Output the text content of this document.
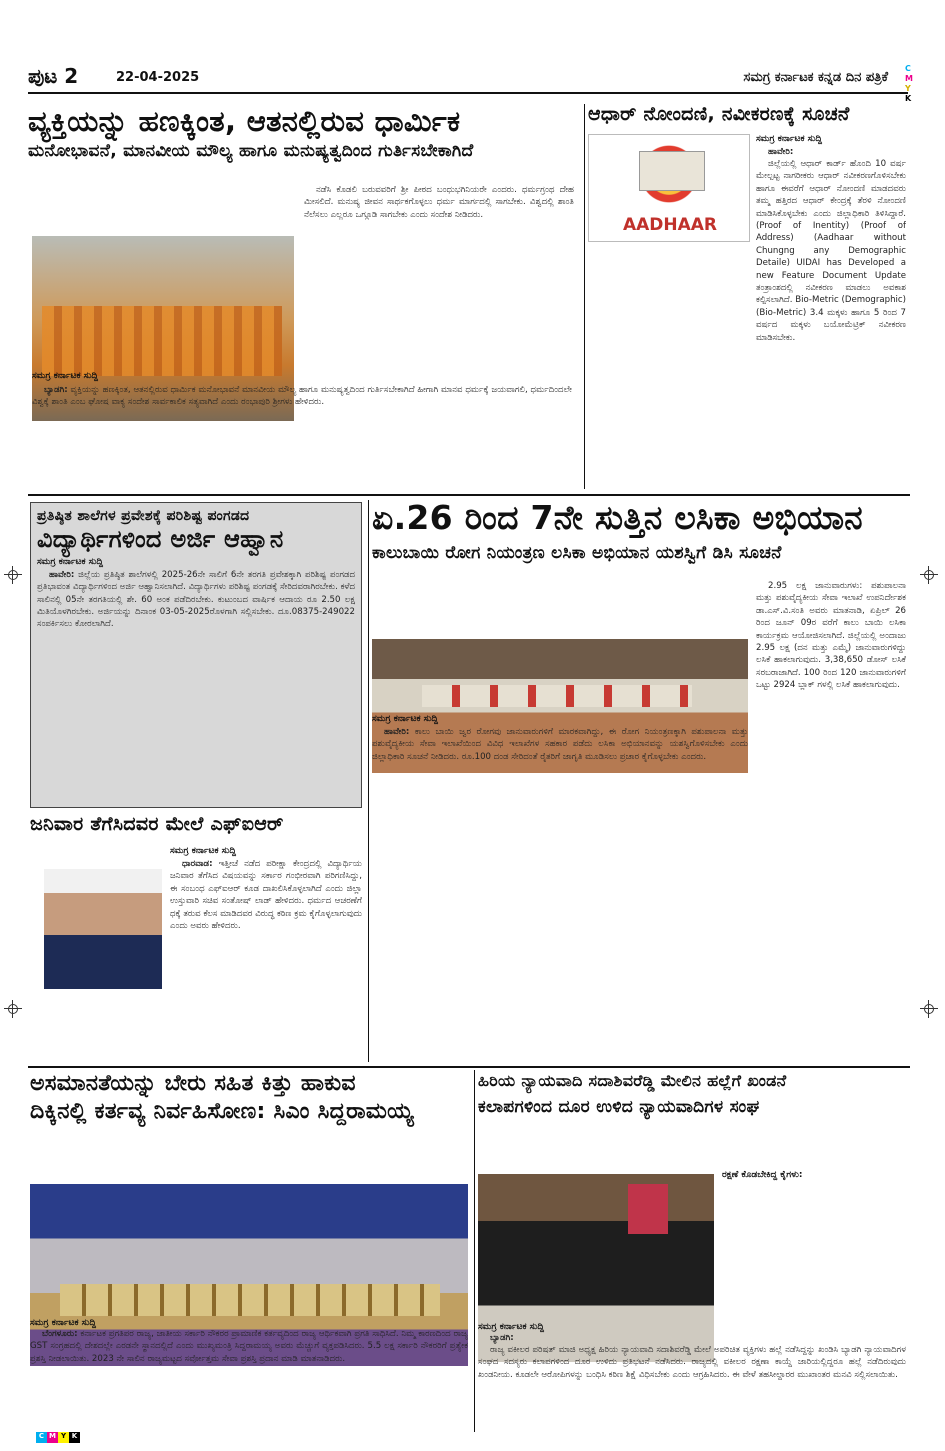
ಪುಟ 2	22-04-2025	ಸಮಗ್ರ ಕರ್ನಾಟಕ ಕನ್ನಡ ದಿನ ಪತ್ರಿಕೆ
C
M
Y
K
ವ್ಯಕ್ತಿಯನ್ನು ಹಣಕ್ಕಿಂತ, ಆತನಲ್ಲಿರುವ ಧಾರ್ಮಿಕ
ಮನೋಭಾವನೆ, ಮಾನವೀಯ ಮೌಲ್ಯ ಹಾಗೂ ಮನುಷ್ಯತ್ವದಿಂದ ಗುರ್ತಿಸಬೇಕಾಗಿದೆ
ಸಮಗ್ರ ಕರ್ನಾಟಕ ಸುದ್ದಿ

ಬ್ಯಾಡಗಿ: ವ್ಯಕ್ತಿಯನ್ನು ಹಣಕ್ಕಿಂತ, ಆತನಲ್ಲಿರುವ ಧಾರ್ಮಿಕ ಮನೋಭಾವನೆ ಮಾನವೀಯ ಮೌಲ್ಯ ಹಾಗೂ ಮನುಷ್ಯತ್ವದಿಂದ ಗುರ್ತಿಸಬೇಕಾಗಿದೆ ಹೀಗಾಗಿ ಮಾನವ ಧರ್ಮಕ್ಕೆ ಜಯವಾಗಲಿ, ಧರ್ಮದಿಂದಲೇ ವಿಶ್ವಕ್ಕೆ ಶಾಂತಿ ಎಂಬ ಘೋಷ ವಾಕ್ಯ ಸಂದೇಶ ಸಾರ್ವಕಾಲಿಕ ಸತ್ಯವಾಗಿದೆ ಎಂದು ರಂಭಾಪುರಿ ಶ್ರೀಗಳು ಹೇಳಿದರು.

ನಡೆಸಿ ಕೊಡಲಿ ಬರುವವರಿಗೆ ಶ್ರೀ ಪೀಠದ ಬಂಧುಭಗಿನಿಯರೇ ಎಂದರು. ಧರ್ಮಗ್ರಂಥ ದೇಹ ಮೀಸಲಿದೆ. ಮನುಷ್ಯ ಜೀವನ ಸಾರ್ಥಕಗೊಳ್ಳಲು ಧರ್ಮ ಮಾರ್ಗದಲ್ಲಿ ಸಾಗಬೇಕು. ವಿಶ್ವದಲ್ಲಿ ಶಾಂತಿ ನೆಲೆಸಲು ಎಲ್ಲರೂ ಒಗ್ಗೂಡಿ ಸಾಗಬೇಕು ಎಂದು ಸಂದೇಶ ನೀಡಿದರು.

ಆಧಾರ್ ನೋಂದಣಿ, ನವೀಕರಣಕ್ಕೆ ಸೂಚನೆ
AADHAAR
ಸಮಗ್ರ ಕರ್ನಾಟಕ ಸುದ್ದಿ

ಹಾವೇರಿ:

ಜಿಲ್ಲೆಯಲ್ಲಿ ಆಧಾರ್ ಕಾರ್ಡ್ ಹೊಂದಿ 10 ವರ್ಷ ಮೇಲ್ಪಟ್ಟ ನಾಗರೀಕರು ಆಧಾರ್ ನವೀಕರಣಗೊಳಿಸಬೇಕು ಹಾಗೂ ಈವರೆಗೆ ಆಧಾರ್ ನೋಂದಣಿ ಮಾಡದವರು ತಮ್ಮ ಹತ್ತಿರದ ಆಧಾರ್ ಕೇಂದ್ರಕ್ಕೆ ತೆರಳಿ ನೋಂದಣಿ ಮಾಡಿಸಿಕೊಳ್ಳಬೇಕು ಎಂದು ಜಿಲ್ಲಾಧಿಕಾರಿ ತಿಳಿಸಿದ್ದಾರೆ. (Proof of Inentity) (Proof of Address) (Aadhaar without Chungng any Demographic Detaile) UIDAI has Developed a new Feature Document Update ತಂತ್ರಾಂಶದಲ್ಲಿ ನವೀಕರಣ ಮಾಡಲು ಅವಕಾಶ ಕಲ್ಪಿಸಲಾಗಿದೆ. Bio-Metric (Demographic) (Bio-Metric) 3.4 ಮಕ್ಕಳು ಹಾಗೂ 5 ರಿಂದ 7 ವರ್ಷದ ಮಕ್ಕಳು ಬಯೋಮೆಟ್ರಿಕ್ ನವೀಕರಣ ಮಾಡಿಸಬೇಕು.

ಪ್ರತಿಷ್ಠಿತ ಶಾಲೆಗಳ ಪ್ರವೇಶಕ್ಕೆ ಪರಿಶಿಷ್ಟ ಪಂಗಡದ
ವಿದ್ಯಾರ್ಥಿಗಳಿಂದ ಅರ್ಜಿ ಆಹ್ವಾನ
ಸಮಗ್ರ ಕರ್ನಾಟಕ ಸುದ್ದಿ

ಹಾವೇರಿ: ಜಿಲ್ಲೆಯ ಪ್ರತಿಷ್ಠಿತ ಶಾಲೆಗಳಲ್ಲಿ 2025-26ನೇ ಸಾಲಿಗೆ 6ನೇ ತರಗತಿ ಪ್ರವೇಶಕ್ಕಾಗಿ ಪರಿಶಿಷ್ಟ ಪಂಗಡದ ಪ್ರತಿಭಾವಂತ ವಿದ್ಯಾರ್ಥಿಗಳಿಂದ ಅರ್ಜಿ ಆಹ್ವಾನಿಸಲಾಗಿದೆ. ವಿದ್ಯಾರ್ಥಿಗಳು ಪರಿಶಿಷ್ಟ ಪಂಗಡಕ್ಕೆ ಸೇರಿದವರಾಗಿರಬೇಕು. ಕಳೆದ ಸಾಲಿನಲ್ಲಿ 05ನೇ ತರಗತಿಯಲ್ಲಿ ಶೇ. 60 ಅಂಕ ಪಡೆದಿರಬೇಕು. ಕುಟುಂಬದ ವಾರ್ಷಿಕ ಆದಾಯ ರೂ 2.50 ಲಕ್ಷ ಮಿತಿಯೊಳಗಿರಬೇಕು. ಅರ್ಜಿಯನ್ನು ದಿನಾಂಕ 03-05-2025ರೊಳಗಾಗಿ ಸಲ್ಲಿಸಬೇಕು. ದೂ.08375-249022 ಸಂಪರ್ಕಿಸಲು ಕೋರಲಾಗಿದೆ.

ಜನಿವಾರ ತೆಗೆಸಿದವರ ಮೇಲೆ ಎಫ್‌ಐಆರ್
ಸಮಗ್ರ ಕರ್ನಾಟಕ ಸುದ್ದಿ

ಧಾರವಾಡ: ಇತ್ತೀಚೆ ನಡೆದ ಪರೀಕ್ಷಾ ಕೇಂದ್ರದಲ್ಲಿ ವಿದ್ಯಾರ್ಥಿಯ ಜನಿವಾರ ತೆಗೆಸಿದ ವಿಷಯವನ್ನು ಸರ್ಕಾರ ಗಂಭೀರವಾಗಿ ಪರಿಗಣಿಸಿದ್ದು, ಈ ಸಂಬಂಧ ಎಫ್‌ಐಆರ್ ಕೂಡ ದಾಖಲಿಸಿಕೊಳ್ಳಲಾಗಿದೆ ಎಂದು ಜಿಲ್ಲಾ ಉಸ್ತುವಾರಿ ಸಚಿವ ಸಂತೋಷ್ ಲಾಡ್ ಹೇಳಿದರು. ಧರ್ಮದ ಆಚರಣೆಗೆ ಧಕ್ಕೆ ತರುವ ಕೆಲಸ ಮಾಡಿದವರ ವಿರುದ್ಧ ಕಠಿಣ ಕ್ರಮ ಕೈಗೊಳ್ಳಲಾಗುವುದು ಎಂದು ಅವರು ಹೇಳಿದರು.

ಏ.26 ರಿಂದ 7ನೇ ಸುತ್ತಿನ ಲಸಿಕಾ ಅಭಿಯಾನ
ಕಾಲುಬಾಯಿ ರೋಗ ನಿಯಂತ್ರಣ ಲಸಿಕಾ ಅಭಿಯಾನ ಯಶಸ್ವಿಗೆ ಡಿಸಿ ಸೂಚನೆ
ಸಮಗ್ರ ಕರ್ನಾಟಕ ಸುದ್ದಿ

ಹಾವೇರಿ: ಕಾಲು ಬಾಯಿ ಜ್ವರ ರೋಗವು ಜಾನುವಾರುಗಳಿಗೆ ಮಾರಕವಾಗಿದ್ದು, ಈ ರೋಗ ನಿಯಂತ್ರಣಕ್ಕಾಗಿ ಪಶುಪಾಲನಾ ಮತ್ತು ಪಶುವೈದ್ಯಕೀಯ ಸೇವಾ ಇಲಾಖೆಯಿಂದ ವಿವಿಧ ಇಲಾಖೆಗಳ ಸಹಕಾರ ಪಡೆದು ಲಸಿಕಾ ಅಭಿಯಾನವನ್ನು ಯಶಸ್ವಿಗೊಳಿಸಬೇಕು ಎಂದು ಜಿಲ್ಲಾಧಿಕಾರಿ ಸೂಚನೆ ನೀಡಿದರು. ರೂ.100 ದಂಡ ಸೇರಿದಂತೆ ರೈತರಿಗೆ ಜಾಗೃತಿ ಮೂಡಿಸಲು ಪ್ರಚಾರ ಕೈಗೊಳ್ಳಬೇಕು ಎಂದರು.

2.95 ಲಕ್ಷ ಜಾನುವಾರುಗಳು: ಪಶುಪಾಲನಾ ಮತ್ತು ಪಶುವೈದ್ಯಕೀಯ ಸೇವಾ ಇಲಾಖೆ ಉಪನಿರ್ದೇಶಕ ಡಾ.ಎಸ್.ವಿ.ಸಂತಿ ಅವರು ಮಾತನಾಡಿ, ಏಪ್ರಿಲ್ 26 ರಿಂದ ಜೂನ್ 09ರ ವರೆಗೆ ಕಾಲು ಬಾಯಿ ಲಸಿಕಾ ಕಾರ್ಯಕ್ರಮ ಆಯೋಜಿಸಲಾಗಿದೆ. ಜಿಲ್ಲೆಯಲ್ಲಿ ಅಂದಾಜು 2.95 ಲಕ್ಷ (ದನ ಮತ್ತು ಎಮ್ಮೆ) ಜಾನುವಾರುಗಳಿದ್ದು ಲಸಿಕೆ ಹಾಕಲಾಗುವುದು. 3,38,650 ಡೋಸ್ ಲಸಿಕೆ ಸರಬರಾಜಾಗಿದೆ. 100 ರಿಂದ 120 ಜಾನುವಾರುಗಳಿಗೆ ಒಟ್ಟು 2924 ಬ್ಲಾಕ್ ಗಳಲ್ಲಿ ಲಸಿಕೆ ಹಾಕಲಾಗುವುದು.

ಅಸಮಾನತೆಯನ್ನು ಬೇರು ಸಹಿತ ಕಿತ್ತು ಹಾಕುವ
ದಿಕ್ಕಿನಲ್ಲಿ ಕರ್ತವ್ಯ ನಿರ್ವಹಿಸೋಣ: ಸಿಎಂ ಸಿದ್ದರಾಮಯ್ಯ
ಸಮಗ್ರ ಕರ್ನಾಟಕ ಸುದ್ದಿ

ಬೆಂಗಳೂರು: ಕರ್ನಾಟಕ ಪ್ರಗತಿಪರ ರಾಜ್ಯ, ಜಾತೀಯ ಸರ್ಕಾರಿ ನೌಕರರ ಪ್ರಾಮಾಣಿಕ ಕರ್ತವ್ಯದಿಂದ ರಾಜ್ಯ ಆರ್ಥಿಕವಾಗಿ ಪ್ರಗತಿ ಸಾಧಿಸಿದೆ. ನಿಮ್ಮ ಕಾರಣದಿಂದ ರಾಜ್ಯ GST ಸಂಗ್ರಹದಲ್ಲಿ ದೇಶದಲ್ಲೇ ಎರಡನೇ ಸ್ಥಾನದಲ್ಲಿದೆ ಎಂದು ಮುಖ್ಯಮಂತ್ರಿ ಸಿದ್ದರಾಮಯ್ಯ ಅವರು ಮೆಚ್ಚುಗೆ ವ್ಯಕ್ತಪಡಿಸಿದರು. 5.5 ಲಕ್ಷ ಸರ್ಕಾರಿ ನೌಕರರಿಗೆ ಪ್ರತ್ಯೇಕ ಪ್ರಶಸ್ತಿ ನೀಡಲಾಯಿತು. 2023 ನೇ ಸಾಲಿನ ರಾಜ್ಯಮಟ್ಟದ ಸರ್ವೋತ್ತಮ ಸೇವಾ ಪ್ರಶಸ್ತಿ ಪ್ರದಾನ ಮಾಡಿ ಮಾತನಾಡಿದರು.

ಹಿರಿಯ ನ್ಯಾಯವಾದಿ ಸದಾಶಿವರೆಡ್ಡಿ ಮೇಲಿನ ಹಲ್ಲೆಗೆ ಖಂಡನೆ
ಕಲಾಪಗಳಿಂದ ದೂರ ಉಳಿದ ನ್ಯಾಯವಾದಿಗಳ ಸಂಘ
ಸಮಗ್ರ ಕರ್ನಾಟಕ ಸುದ್ದಿ

ಬ್ಯಾಡಗಿ:

ರಾಜ್ಯ ವಕೀಲರ ಪರಿಷತ್ ಮಾಜಿ ಅಧ್ಯಕ್ಷ ಹಿರಿಯ ನ್ಯಾಯವಾದಿ ಸದಾಶಿವರೆಡ್ಡಿ ಮೇಲೆ ಅಪರಿಚಿತ ವ್ಯಕ್ತಿಗಳು ಹಲ್ಲೆ ನಡೆಸಿದ್ದನ್ನು ಖಂಡಿಸಿ ಬ್ಯಾಡಗಿ ನ್ಯಾಯವಾದಿಗಳ ಸಂಘದ ಸದಸ್ಯರು ಕಲಾಪಗಳಿಂದ ದೂರ ಉಳಿದು ಪ್ರತಿಭಟನೆ ನಡೆಸಿದರು. ರಾಜ್ಯದಲ್ಲಿ ವಕೀಲರ ರಕ್ಷಣಾ ಕಾಯ್ದೆ ಜಾರಿಯಲ್ಲಿದ್ದರೂ ಹಲ್ಲೆ ನಡೆದಿರುವುದು ಖಂಡನೀಯ. ಕೂಡಲೇ ಆರೋಪಿಗಳನ್ನು ಬಂಧಿಸಿ ಕಠಿಣ ಶಿಕ್ಷೆ ವಿಧಿಸಬೇಕು ಎಂದು ಆಗ್ರಹಿಸಿದರು. ಈ ವೇಳೆ ತಹಸೀಲ್ದಾರರ ಮುಖಾಂತರ ಮನವಿ ಸಲ್ಲಿಸಲಾಯಿತು.

ರಕ್ಷಣೆ ಕೊಡಬೇಕಿದ್ದ ಕೈಗಳು:
C M Y K
